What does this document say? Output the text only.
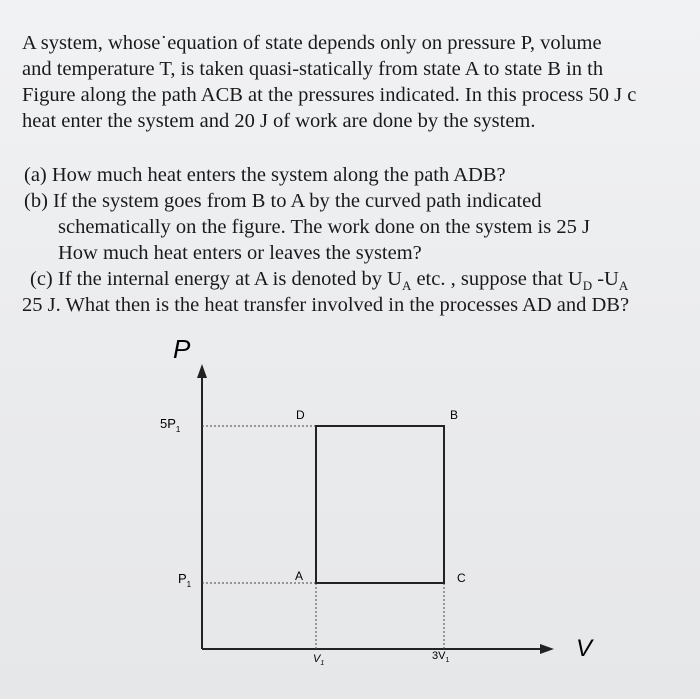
A system, whose˙equation of state depends only on pressure P, volume
and temperature T, is taken quasi-statically from state A to state B in th
Figure along the path ACB at the pressures indicated. In this process 50 J c
heat enter the system and 20 J of work are done by the system.
(a) How much heat enters the system along the path ADB?
(b) If the system goes from B to A by the curved path indicated
schematically on the figure. The work done on the system is 25 J
How much heat enters or leaves the system?
(c) If the internal energy at A is denoted by $U_A$ etc. , suppose that $U_D$ $-U_A$
25 J. What then is the heat transfer involved in the processes AD and DB?
P
V
$5P_1$
$P_1$
$V_1$
$3V_1$
D	B
A	C
